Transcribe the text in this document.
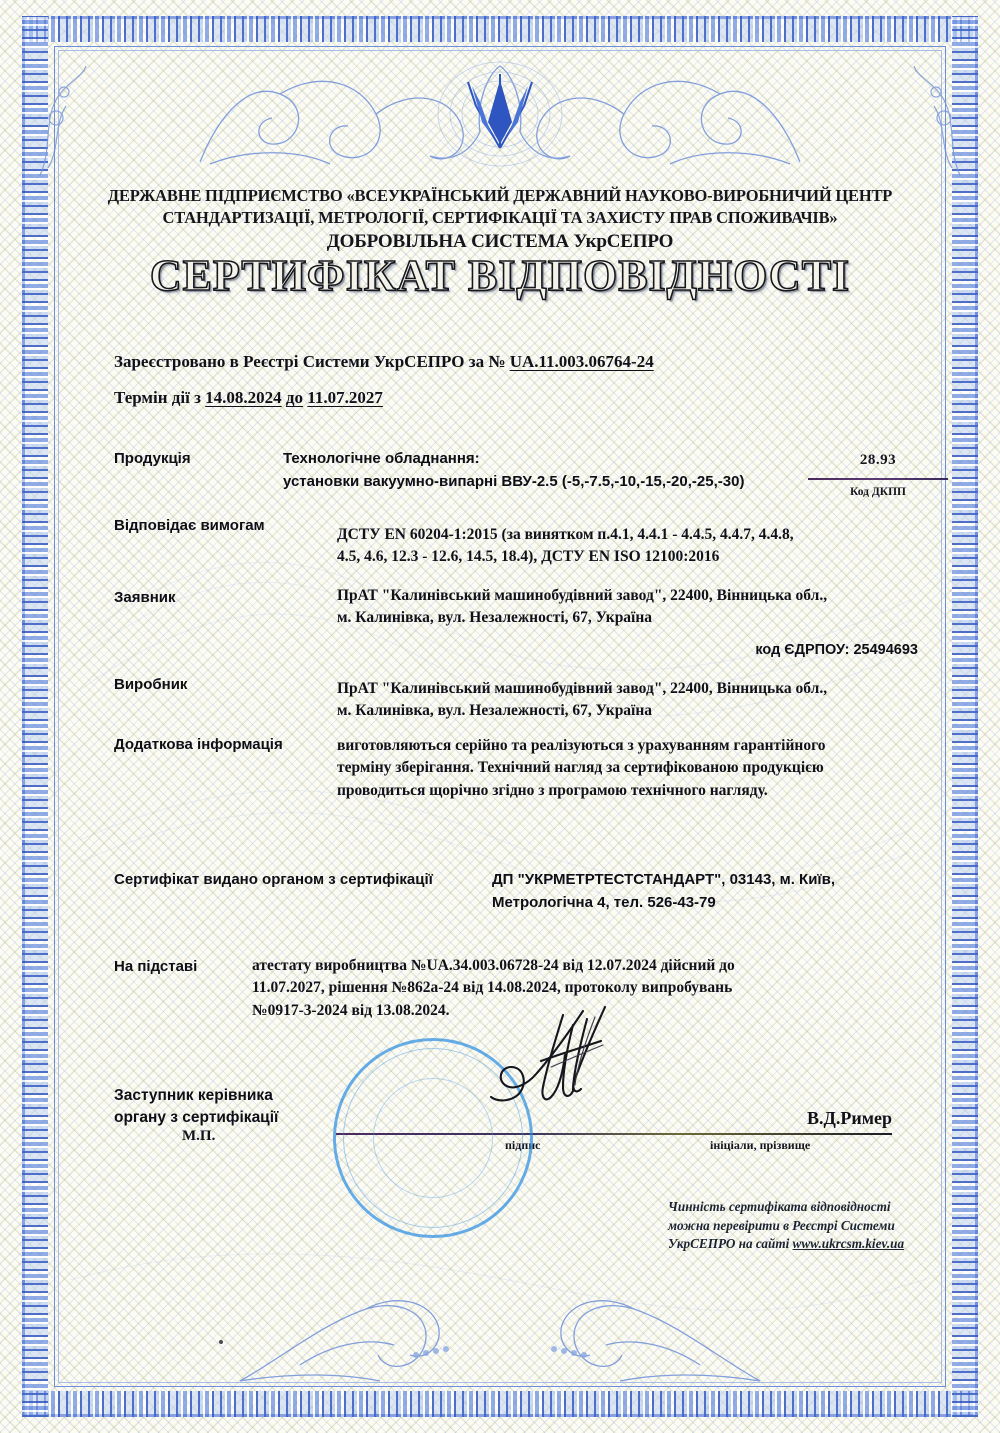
ДЕРЖАВНЕ ПІДПРИЄМСТВО «ВСЕУКРАЇНСЬКИЙ ДЕРЖАВНИЙ НАУКОВО-ВИРОБНИЧИЙ ЦЕНТР
СТАНДАРТИЗАЦІЇ, МЕТРОЛОГІЇ, СЕРТИФІКАЦІЇ ТА ЗАХИСТУ ПРАВ СПОЖИВАЧІВ»
ДОБРОВІЛЬНА СИСТЕМА УкрСЕПРО
СЕРТИФІКАТ ВІДПОВІДНОСТІ
Зареєстровано в Реєстрі Системи УкрСЕПРО за № UA.11.003.06764-24
Термін дії з 14.08.2024 до 11.07.2027
Продукція	Технологічне обладнання:
установки вакуумно-випарні ВВУ-2.5 (-5,-7.5,-10,-15,-20,-25,-30)
28.93
Код ДКПП
Відповідає вимогам
ДСТУ EN 60204-1:2015 (за винятком п.4.1, 4.4.1 - 4.4.5, 4.4.7, 4.4.8,
4.5, 4.6, 12.3 - 12.6, 14.5, 18.4), ДСТУ EN ISO 12100:2016
Заявник	ПрАТ "Калинівський машинобудівний завод", 22400, Вінницька обл.,
м. Калинівка, вул. Незалежності, 67, Україна
код ЄДРПОУ: 25494693
Виробник	ПрАТ "Калинівський машинобудівний завод", 22400, Вінницька обл.,
м. Калинівка, вул. Незалежності, 67, Україна
Додаткова інформація	виготовляються серійно та реалізуються з урахуванням гарантійного
терміну зберігання. Технічний нагляд за сертифікованою продукцією
проводиться щорічно згідно з програмою технічного нагляду.
Сертифікат видано органом з сертифікації	ДП "УКРМЕТРТЕСТСТАНДАРТ", 03143, м. Київ,
Метрологічна 4, тел. 526-43-79
На підставі	атестату виробництва №UA.34.003.06728-24 від 12.07.2024 дійсний до
11.07.2027, рішення №862а-24 від 14.08.2024, протоколу випробувань
№0917-3-2024 від 13.08.2024.
Заступник керівника
органу з сертифікації
М.П.
підпис	ініціали, прізвище
В.Д.Ример
Чинність сертифіката відповідності
можна перевірити в Реєстрі Системи
УкрСЕПРО на сайті www.ukrcsm.kiev.ua
